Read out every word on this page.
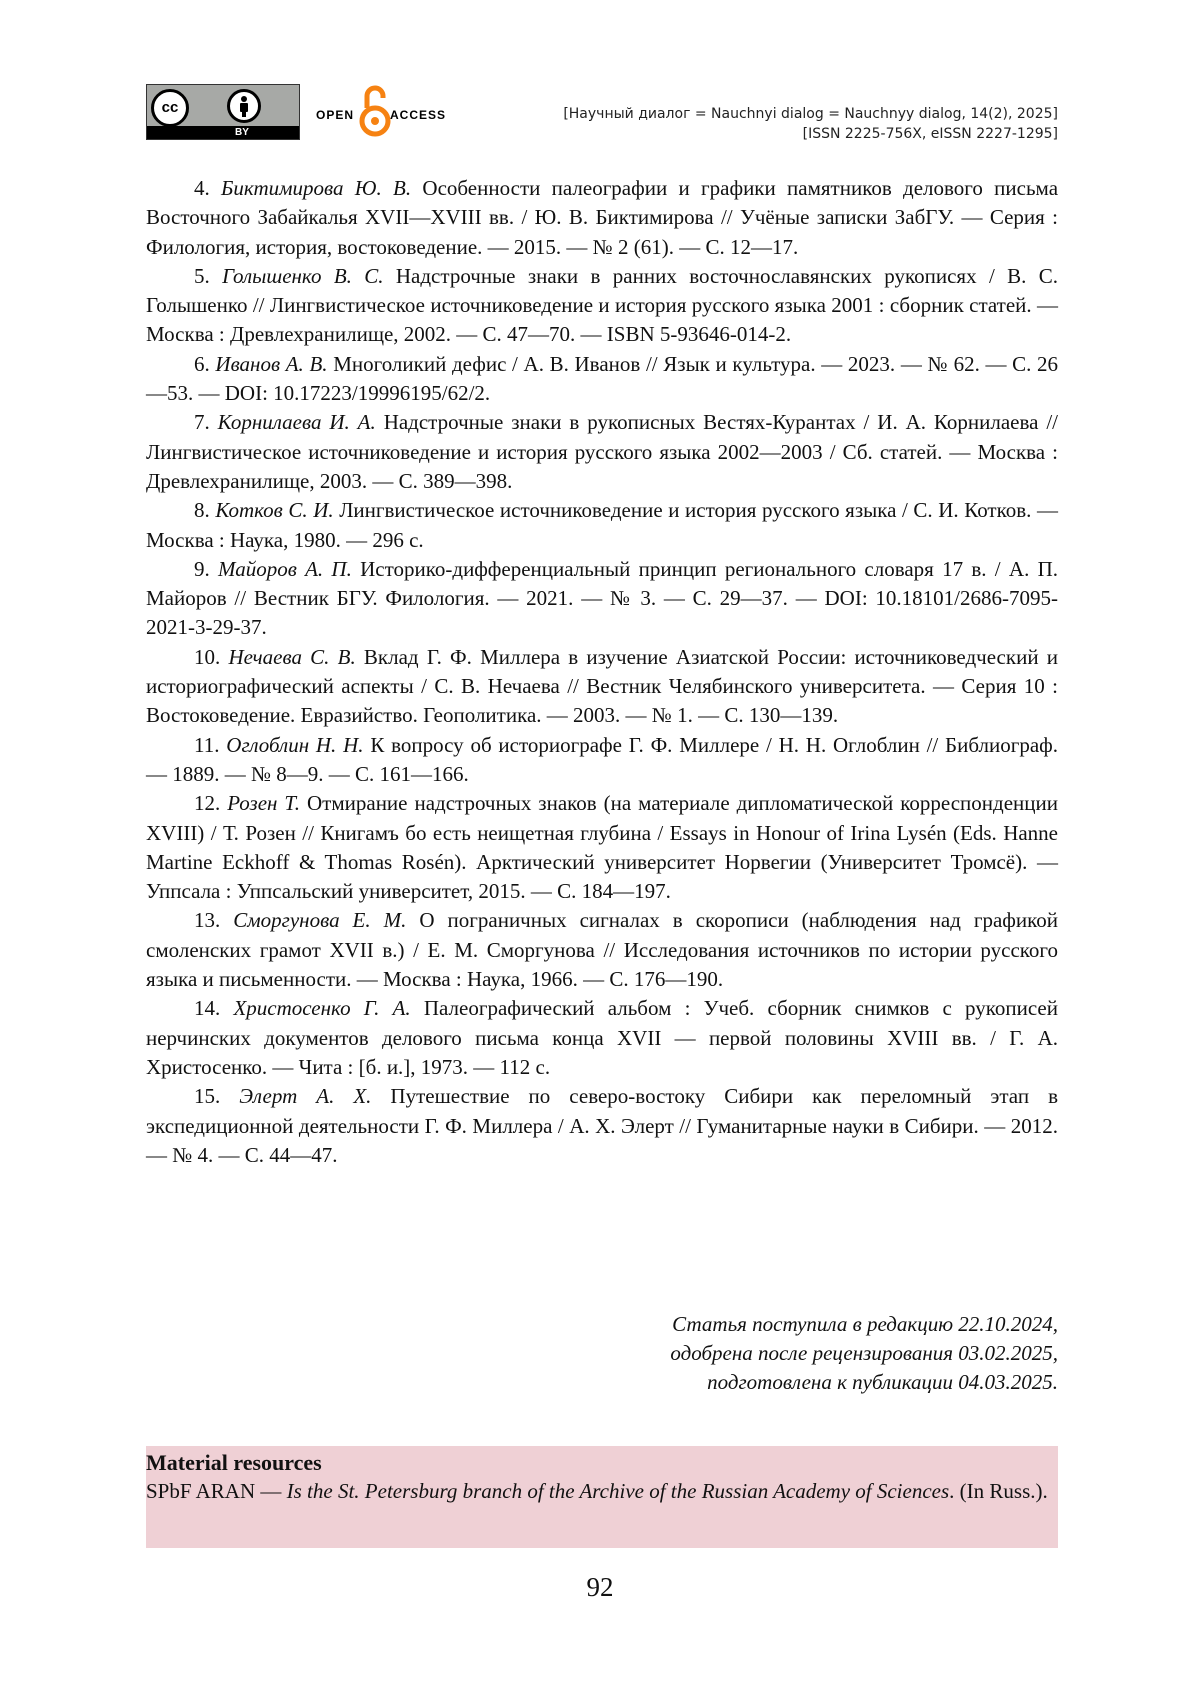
cc
BY
OPEN	ACCESS	[Научный диалог = Nauchnyi dialog = Nauchnyy dialog, 14(2), 2025]
[ISSN 2225-756X, eISSN 2227-1295]

4. Биктимирова Ю. В. Особенности палеографии и графики памятников делового письма Восточного Забайкалья XVII—XVIII вв. / Ю. В. Биктимирова // Учёные записки ЗабГУ. — Серия : Филология, история, востоковедение. — 2015. — № 2 (61). — С. 12—17.

5. Голышенко В. С. Надстрочные знаки в ранних восточнославянских рукописях / В. С. Голышенко // Лингвистическое источниковедение и история русского языка 2001 : сборник статей. — Москва : Древлехранилище, 2002. — С. 47—70. — ISBN 5-93646-014-2.

6. Иванов А. В. Многоликий дефис / А. В. Иванов // Язык и культура. — 2023. — № 62. — С. 26—53. — DOI: 10.17223/19996195/62/2.

7. Корнилаева И. А. Надстрочные знаки в рукописных Вестях-Курантах / И. А. Корнилаева // Лингвистическое источниковедение и история русского языка 2002—2003 / Сб. статей. — Москва : Древлехранилище, 2003. — С. 389—398.

8. Котков С. И. Лингвистическое источниковедение и история русского языка / С. И. Котков. — Москва : Наука, 1980. — 296 с.

9. Майоров А. П. Историко-дифференциальный принцип регионального словаря 17 в. / А. П. Майоров // Вестник БГУ. Филология. — 2021. — № 3. — С. 29—37. — DOI: 10.18101/2686-7095-2021-3-29-37.

10. Нечаева С. В. Вклад Г. Ф. Миллера в изучение Азиатской России: источниковедческий и историографический аспекты / С. В. Нечаева // Вестник Челябинского университета. — Серия 10 : Востоковедение. Евразийство. Геополитика. — 2003. — № 1. — С. 130—139.

11. Оглоблин Н. Н. К вопросу об историографе Г. Ф. Миллере / Н. Н. Оглоблин // Библиограф. — 1889. — № 8—9. — С. 161—166.

12. Розен Т. Отмирание надстрочных знаков (на материале дипломатической корреспонденции XVIII) / Т. Розен // Книгамъ бо есть неищетная глубина / Essays in Honour of Irina Lysén (Eds. Hanne Martine Eckhoff & Thomas Rosén). Арктический университет Норвегии (Университет Тромсё). — Уппсала : Уппсальский университет, 2015. — С. 184—197.

13. Сморгунова Е. М. О пограничных сигналах в скорописи (наблюдения над графикой смоленских грамот XVII в.) / Е. М. Сморгунова // Исследования источников по истории русского языка и письменности. — Москва : Наука, 1966. — С. 176—190.

14. Христосенко Г. А. Палеографический альбом : Учеб. сборник снимков с рукописей нерчинских документов делового письма конца XVII — первой половины XVIII вв. / Г. А. Христосенко. — Чита : [б. и.], 1973. — 112 с.

15. Элерт А. Х. Путешествие по северо-востоку Сибири как переломный этап в экспедиционной деятельности Г. Ф. Миллера / А. Х. Элерт // Гуманитарные науки в Сибири. — 2012. — № 4. — С. 44—47.

Статья поступила в редакцию 22.10.2024,
одобрена после рецензирования 03.02.2025,
подготовлена к публикации 04.03.2025.

Material resources

SPbF ARAN — Is the St. Petersburg branch of the Archive of the Russian Academy of Sciences. (In Russ.).

92
